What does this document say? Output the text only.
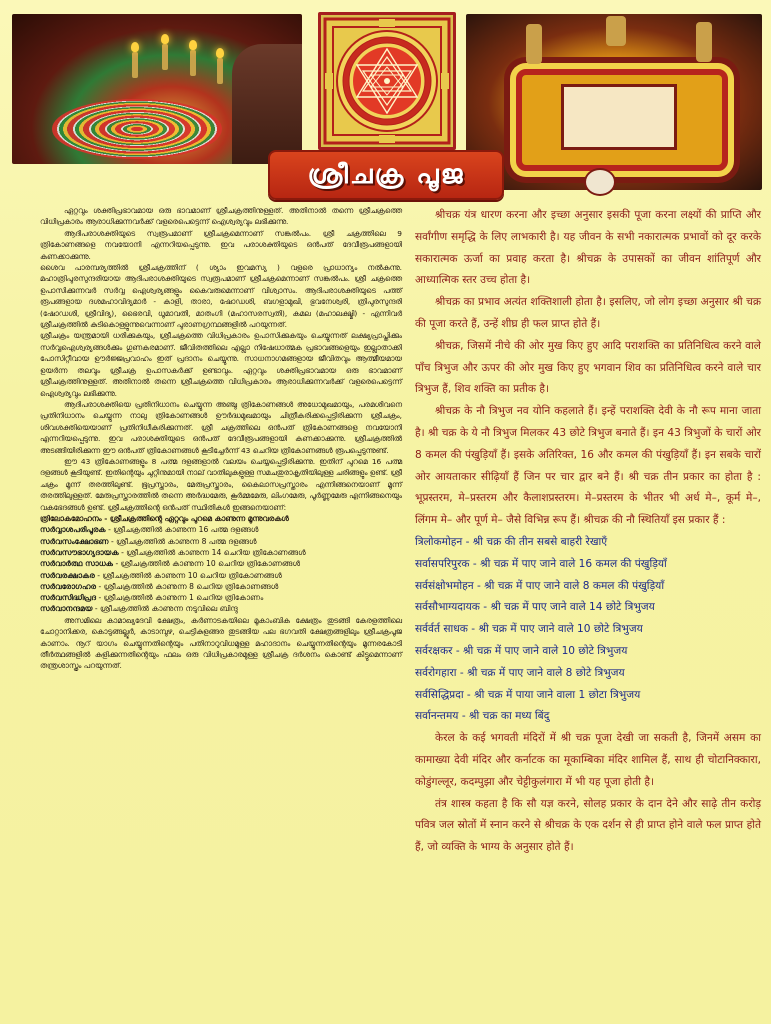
ശ്രീചക്ര പൂജ

ഏറ്റവും ശക്തിപ്രഭാവമായ ഒരു ഭാവമാണ് ശ്രീചക്രത്തിനുള്ളത്. അതിനാൽ തന്നെ ശ്രീചക്രത്തെ വിധിപ്രകാരം ആരാധിക്കുന്നവർക്ക് വളരെപെട്ടെന്ന് ഐശ്വര്യവും ലഭിക്കുന്നു.

ആദിപരാശക്തിയുടെ സ്വരൂപമാണ് ശ്രീചക്രമെന്നാണ് സങ്കൽപം. ശ്രീ ചക്രത്തിലെ 9 ത്രികോണങ്ങളെ നവയോനി എന്നറിയപ്പെടുന്നു. ഇവ പരാശക്തിയുടെ ഒൻപത് ദേവീരൂപങ്ങളായി കണക്കാക്കുന്നു.

ശൈവ പാരമ്പര്യത്തിൽ ശ്രീചക്രത്തിന് ( ശ്യാം ഇവമസ്യ ) വളരെ പ്രാധാന്യം നൽകുന്നു. മഹാത്രിപുരസുന്ദരിയായ ആദിപരാശക്തിയുടെ സ്വരൂപമാണ് ശ്രീചക്രമെന്നാണ് സങ്കൽപം. ശ്രീ ചക്രത്തെ ഉപാസിക്കുന്നവർ സർവ്വ ഐശ്വര്യങ്ങളും കൈവരുമെന്നാണ് വിശ്വാസം. ആദിപരാശക്തിയുടെ പത്ത് രൂപങ്ങളായ ദശമഹാവിദ്യമാർ - കാളി, താരാ, ഷോഡശി, ബഗളാമുഖി, ഭുവനേശ്വരി, ത്രിപുരസുന്ദരി (ഷോഡശി, ശ്രീവിദ്യ), ഭൈരവി, ധൂമാവതി, മാതംഗി (മഹാസരസ്വതി), കമല (മഹാലക്ഷ്മി) - എന്നിവർ ശ്രീചക്രത്തിൽ കുടികൊള്ളുന്നുവെന്നാണ് പുരാണഗ്രന്ഥങ്ങളിൽ പറയുന്നത്.

ശ്രീചക്രം യന്ത്രമായി ധരിക്കുകയും, ശ്രീചക്രത്തെ വിധിപ്രകാരം ഉപാസിക്കുകയും ചെയ്യുന്നത് ലക്ഷ്യപ്രാപ്തിക്കും സർവ്വഐശ്വര്യങ്ങൾക്കും ഗുണകരമാണ്. ജീവിതത്തിലെ എല്ലാ നിഷേധാത്മക പ്രഭാവങ്ങളെയും ഇല്ലാതാക്കി പോസിറ്റീവായ ഊർജ്ജപ്രവാഹം ഇത് പ്രദാനം ചെയ്യുന്നു. സാധനാഗമങ്ങളായ ജീവിതവും ആത്മീയമായ ഉയർന്ന തലവും ശ്രീചക്ര ഉപാസകർക്ക് ഉണ്ടാവും. ഏറ്റവും ശക്തിപ്രഭാവമായ ഒരു ഭാവമാണ് ശ്രീചക്രത്തിനുള്ളത്. അതിനാൽ തന്നെ ശ്രീചക്രത്തെ വിധിപ്രകാരം ആരാധിക്കുന്നവർക്ക് വളരെപെട്ടെന്ന് ഐശ്വര്യവും ലഭിക്കുന്നു.

ആദിപരാശക്തിയെ പ്രതിനിധാനം ചെയ്യുന്ന അഞ്ചു ത്രികോണങ്ങൾ അധോമുഖമായും, പരമശിവനെ പ്രതിനിധാനം ചെയ്യുന്ന നാലു ത്രികോണങ്ങൾ ഊർദ്ധമുഖമായും ചിത്രീകരിക്കപ്പെട്ടിരിക്കുന്ന ശ്രീചക്രം, ശിവശക്തിയെയാണ് പ്രതിനിധീകരിക്കുന്നത്. ശ്രീ ചക്രത്തിലെ ഒൻപത് ത്രികോണങ്ങളെ നവയോനി എന്നറിയപ്പെടുന്നു. ഇവ പരാശക്തിയുടെ ഒൻപത് ദേവീരൂപങ്ങളായി കണക്കാക്കുന്നു. ശ്രീചക്രത്തിൽ അടങ്ങിയിരിക്കുന്ന ഈ ഒൻപത് ത്രികോണങ്ങൾ കൂടിച്ചേർന്ന് 43 ചെറിയ ത്രികോണങ്ങൾ രൂപപ്പെടുന്നുണ്ട്.

ഈ 43 ത്രികോണങ്ങളും 8 പത്മ ദളങ്ങളാൽ വലയം ചെയ്യപ്പെട്ടിരിക്കുന്നു. ഇതിന് പുറമെ 16 പത്മ ദളങ്ങൾ കൂടിയുണ്ട്. ഇതിന്റെയും ചുറ്റിനുമായി നാല് വാതിലുകളുള്ള സമചതുരാകൃതിയിലുള്ള ചരിങ്ങളും ഉണ്ട്. ശ്രീ ചക്രം മൂന്ന് തരത്തിലുണ്ട്. ഭൂപ്രസ്താരം, മേരുപ്രസ്താരം, കൈലാസപ്രസ്താരം എന്നിങ്ങനെയാണ് മൂന്ന് തരത്തിലുള്ളത്. മേരുപ്രസ്താരത്തിൽ തന്നെ അർദ്ധമേരു, കൂർമ്മമേരു, ലിംഗമേരു, പൂർണ്ണമേരു എന്നിങ്ങനെയും വകഭേദങ്ങൾ ഉണ്ട്. ശ്രീചക്രത്തിന്റെ ഒൻപത് സ്ഥിതികൾ ഇങ്ങനെയാണ്:

ത്രിലോകമോഹനം - ശ്രീചക്രത്തിന്റെ ഏറ്റവും പുറമെ കാണുന്ന മൂന്നുവരകൾ

സർവ്വാശപരിപൂരക - ശ്രീചക്രത്തിൽ കാണുന്ന 16 പത്മ ദളങ്ങൾ
സർവസംക്ഷോഭണ - ശ്രീചക്രത്തിൽ കാണുന്ന 8 പത്മ ദളങ്ങൾ
സർവസൗഭാഗ്യദായക - ശ്രീചക്രത്തിൽ കാണുന്ന 14 ചെറിയ ത്രികോണങ്ങൾ
സർവാർത്ഥ സാധക - ശ്രീചക്രത്തിൽ കാണുന്ന 10 ചെറിയ ത്രികോണങ്ങൾ
സർവരക്ഷാകര - ശ്രീചക്രത്തിൽ കാണുന്ന 10 ചെറിയ ത്രികോണങ്ങൾ
സർവരോഗഹര - ശ്രീചക്രത്തിൽ കാണുന്ന 8 ചെറിയ ത്രികോണങ്ങൾ
സർവസിദ്ധിപ്രദ - ശ്രീചക്രത്തിൽ കാണുന്ന 1 ചെറിയ ത്രികോണം
സർവാനന്ദമയ - ശ്രീചക്രത്തിൽ കാണുന്ന നടുവിലെ ബിന്ദു

അസമിലെ കാമാഖ്യദേവി ക്ഷേത്രം, കർണാടകയിലെ മൂകാംബിക ക്ഷേത്രം തുടങ്ങി കേരളത്തിലെ ചോറ്റാനിക്കര, കൊടുങ്ങല്ലൂർ, കാടാമ്പുഴ, ചെട്ടികുളങ്ങര തുടങ്ങിയ പല ഭഗവതി ക്ഷേത്രങ്ങളിലും ശ്രീചക്രപൂജ കാണാം. നൂറ് യാഗം ചെയ്യുന്നതിന്റെയും പതിനാറുവിധമുള്ള മഹാദാനം ചെയ്യുന്നതിന്റെയും മൂന്നരകോടി തീർത്ഥങ്ങളിൽ കുളിക്കുന്നതിന്റെയും ഫലം ഒരു വിധിപ്രകാരമുള്ള ശ്രീചക്ര ദർശനം കൊണ്ട് കിട്ടുമെന്നാണ് തന്ത്രശാസ്ത്രം പറയുന്നത്.

श्रीचक्र यंत्र धारण करना और इच्छा अनुसार इसकी पूजा करना लक्ष्यों की प्राप्ति और सर्वांगीण समृद्धि के लिए लाभकारी है। यह जीवन के सभी नकारात्मक प्रभावों को दूर करके सकारात्मक ऊर्जा का प्रवाह करता है। श्रीचक्र के उपासकों का जीवन शांतिपूर्ण और आध्यात्मिक स्तर उच्च होता है।

श्रीचक्र का प्रभाव अत्यंत शक्तिशाली होता है। इसलिए, जो लोग इच्छा अनुसार श्री चक्र की पूजा करते हैं, उन्हें शीघ्र ही फल प्राप्त होते हैं।

श्रीचक्र, जिसमें नीचे की ओर मुख किए हुए आदि पराशक्ति का प्रतिनिधित्व करने वाले पाँच त्रिभुज और ऊपर की ओर मुख किए हुए भगवान शिव का प्रतिनिधित्व करने वाले चार त्रिभुज हैं, शिव शक्ति का प्रतीक है।

श्रीचक्र के नौ त्रिभुज नव योनि कहलाते हैं। इन्हें पराशक्ति देवी के नौ रूप माना जाता है। श्री चक्र के ये नौ त्रिभुज मिलकर 43 छोटे त्रिभुज बनाते हैं। इन 43 त्रिभुजों के चारों ओर 8 कमल की पंखुड़ियाँ हैं। इसके अतिरिक्त, 16 और कमल की पंखुड़ियाँ हैं। इन सबके चारों ओर आयताकार सीढ़ियाँ हैं जिन पर चार द्वार बने हैं। श्री चक्र तीन प्रकार का होता है : भूप्रस्तरम, मे–प्रस्तरम और कैलाशप्रस्तरम। मे–प्रस्तरम के भीतर भी अर्ध मे–, कूर्म मे–, लिंगम मे– और पूर्ण मे– जैसे विभिन्न रूप हैं। श्रीचक्र की नौ स्थितियाँ इस प्रकार हैं :

त्रिलोकमोहन - श्री चक्र की तीन सबसे बाहरी रेखाएँ
सर्वासपरिपुरक - श्री चक्र में पाए जाने वाले 16 कमल की पंखुड़ियाँ
सर्वसंक्षोभमोहन - श्री चक्र में पाए जाने वाले 8 कमल की पंखुड़ियाँ
सर्वसौभाग्यदायक - श्री चक्र में पाए जाने वाले 14 छोटे त्रिभुजय
सर्वर्वर्त साधक - श्री चक्र में पाए जाने वाले 10 छोटे त्रिभुजय
सर्वरक्षकर - श्री चक्र में पाए जाने वाले 10 छोटे त्रिभुजय
सर्वरोगहारा - श्री चक्र में पाए जाने वाले 8 छोटे त्रिभुजय
सर्वसिद्धिप्रदा - श्री चक्र में पाया जाने वाला 1 छोटा त्रिभुजय
सर्वानन्तमय - श्री चक्र का मध्य बिंदु

केरल के कई भगवती मंदिरों में श्री चक्र पूजा देखी जा सकती है, जिनमें असम का कामाख्या देवी मंदिर और कर्नाटक का मूकाम्बिका मंदिर शामिल हैं, साथ ही चोटानिक्कारा, कोडुंगल्लूर, कदम्पुझा और चेट्टीकुलंगारा में भी यह पूजा होती है।

तंत्र शास्त्र कहता है कि सौ यज्ञ करने, सोलह प्रकार के दान देने और साढ़े तीन करोड़ पवित्र जल स्रोतों में स्नान करने से श्रीचक्र के एक दर्शन से ही प्राप्त होने वाले फल प्राप्त होते हैं, जो व्यक्ति के भाग्य के अनुसार होते हैं।
